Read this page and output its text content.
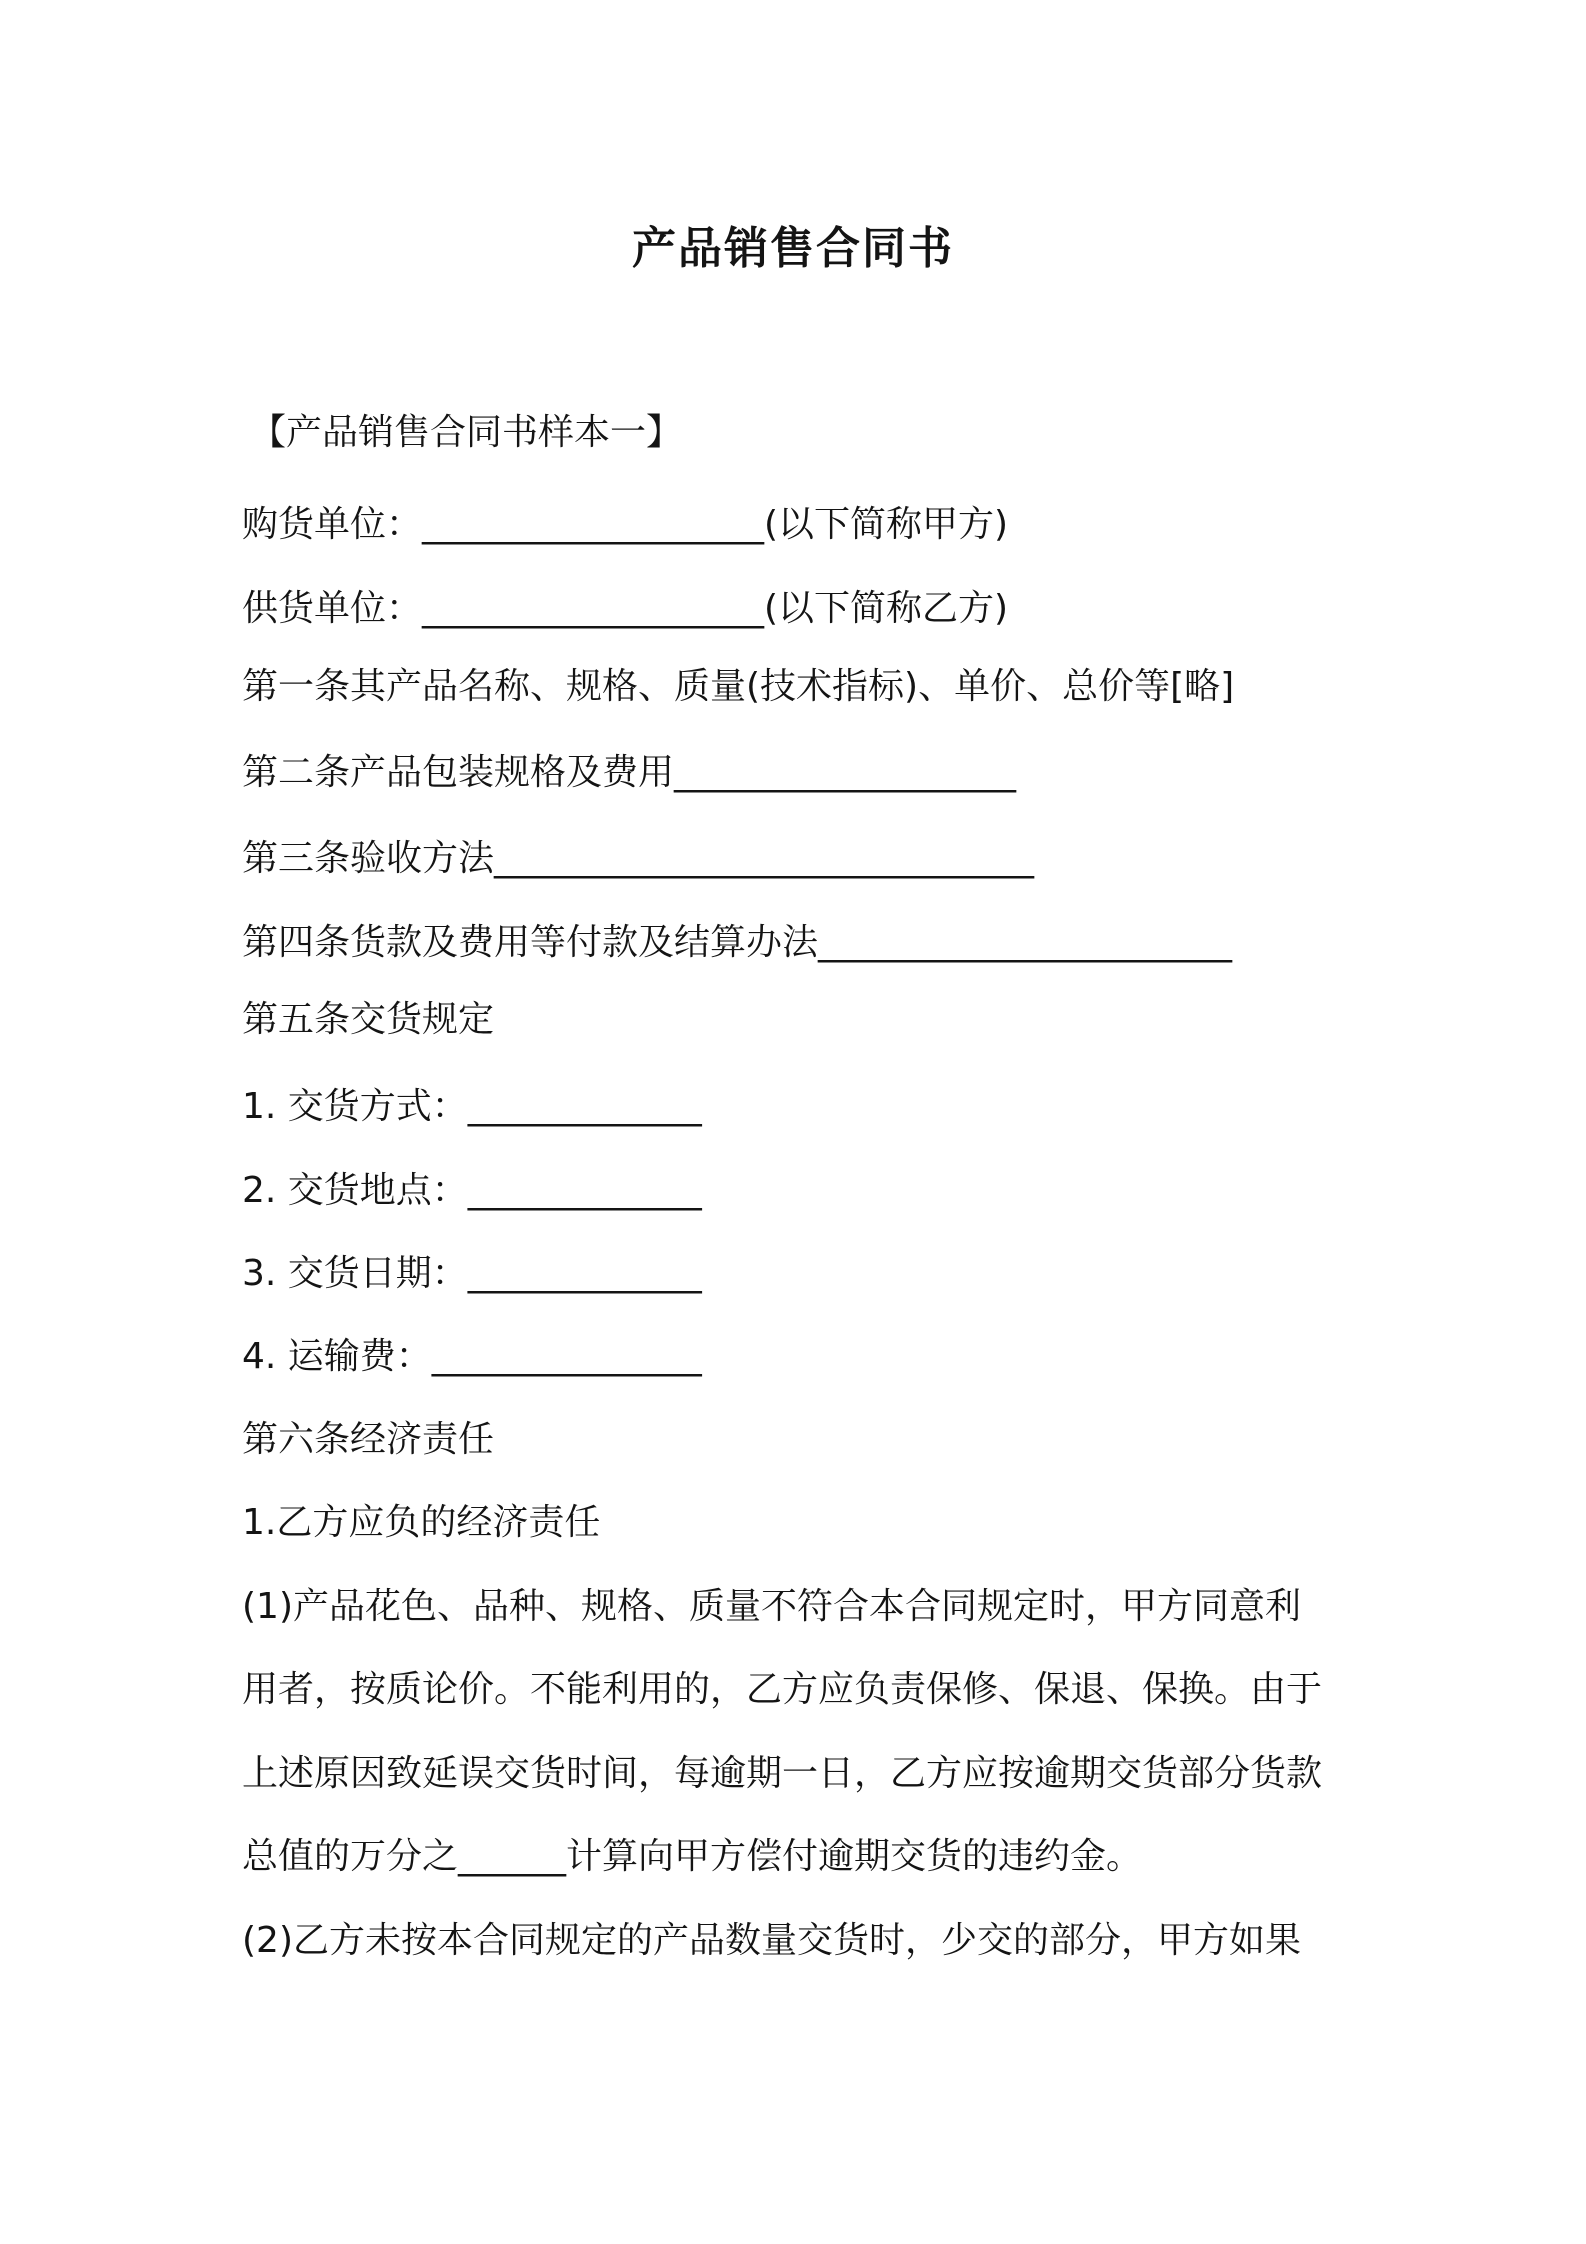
产品销售合同书
【产品销售合同书样本一】
购货单位：___________________(以下简称甲方)
供货单位：___________________(以下简称乙方)
第一条其产品名称、规格、质量(技术指标)、单价、总价等[略]
第二条产品包装规格及费用___________________
第三条验收方法______________________________
第四条货款及费用等付款及结算办法_______________________
第五条交货规定
1. 交货方式：_____________
2. 交货地点：_____________
3. 交货日期：_____________
4. 运输费：_______________
第六条经济责任
1.乙方应负的经济责任
(1)产品花色、品种、规格、质量不符合本合同规定时，甲方同意利
用者，按质论价。不能利用的，乙方应负责保修、保退、保换。由于
上述原因致延误交货时间，每逾期一日，乙方应按逾期交货部分货款
总值的万分之______计算向甲方偿付逾期交货的违约金。
(2)乙方未按本合同规定的产品数量交货时，少交的部分，甲方如果
